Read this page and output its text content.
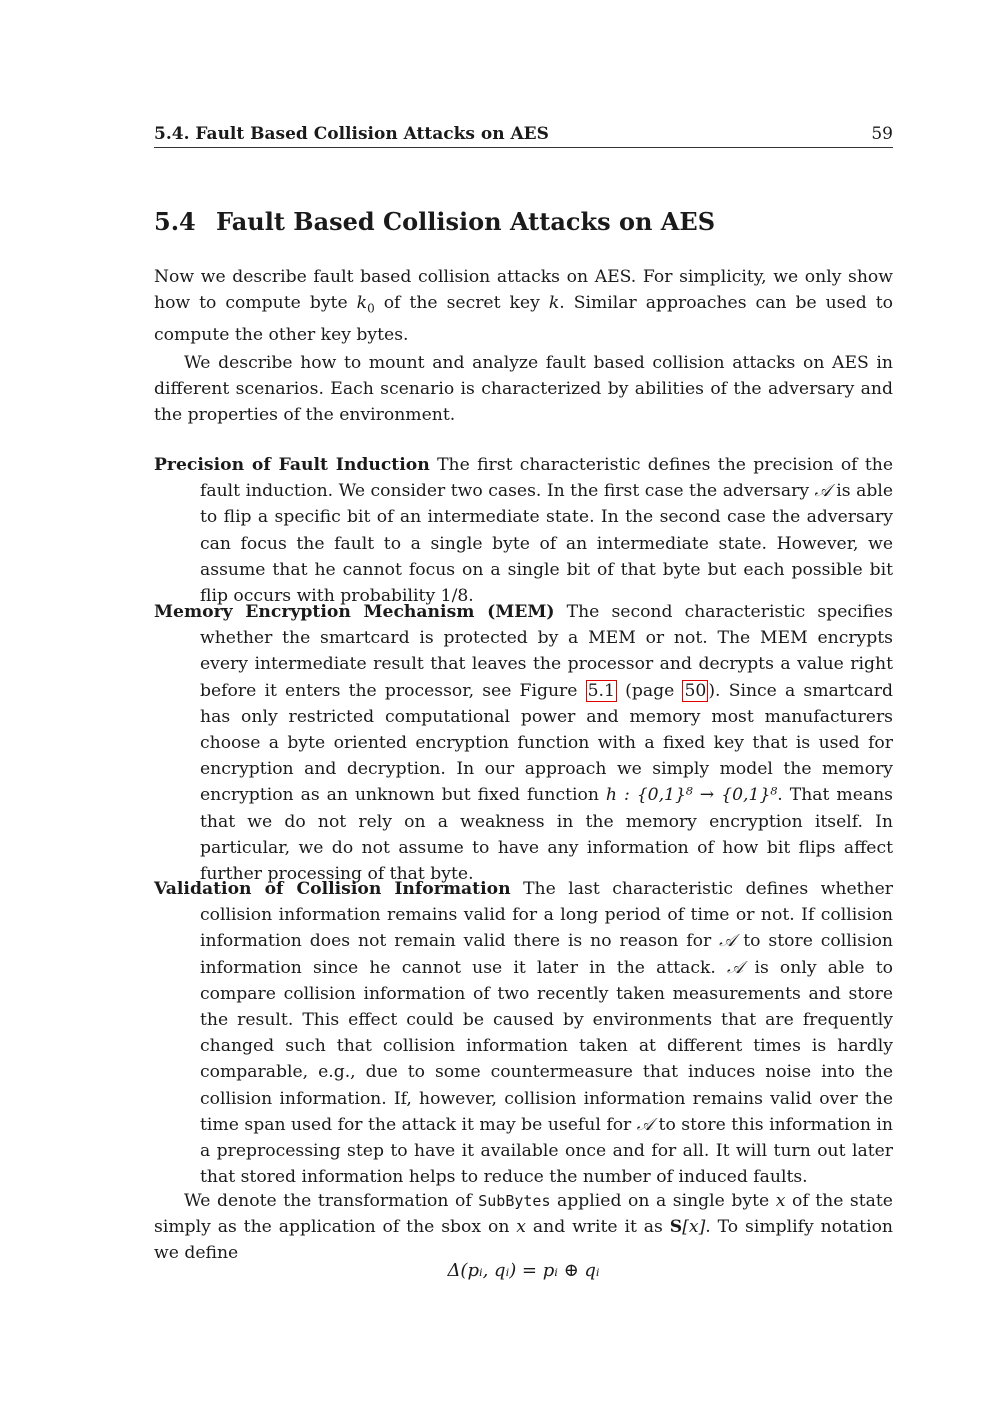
5.4. Fault Based Collision Attacks on AES	59
5.4 Fault Based Collision Attacks on AES

Now we describe fault based collision attacks on AES. For simplicity, we only show how to compute byte $k_0$ of the secret key k. Similar approaches can be used to compute the other key bytes.

We describe how to mount and analyze fault based collision attacks on AES in different scenarios. Each scenario is characterized by abilities of the adversary and the properties of the environment.

Precision of Fault Induction The first characteristic defines the precision of the fault induction. We consider two cases. In the first case the adversary 𝒜 is able to flip a specific bit of an intermediate state. In the second case the adversary can focus the fault to a single byte of an intermediate state. However, we assume that he cannot focus on a single bit of that byte but each possible bit flip occurs with probability 1/8.

Memory Encryption Mechanism (MEM) The second characteristic specifies whether the smartcard is protected by a MEM or not. The MEM encrypts every intermediate result that leaves the processor and decrypts a value right before it enters the processor, see Figure 5.1 (page 50 ). Since a smartcard has only restricted computational power and memory most manufacturers choose a byte oriented encryption function with a fixed key that is used for encryption and decryption. In our approach we simply model the memory encryption as an unknown but fixed function h : {0,1}⁸ → {0,1}⁸. That means that we do not rely on a weakness in the memory encryption itself. In particular, we do not assume to have any information of how bit flips affect further processing of that byte.

Validation of Collision Information The last characteristic defines whether collision information remains valid for a long period of time or not. If collision information does not remain valid there is no reason for 𝒜 to store collision information since he cannot use it later in the attack. 𝒜 is only able to compare collision information of two recently taken measurements and store the result. This effect could be caused by environments that are frequently changed such that collision information taken at different times is hardly comparable, e.g., due to some countermeasure that induces noise into the collision information. If, however, collision information remains valid over the time span used for the attack it may be useful for 𝒜 to store this information in a preprocessing step to have it available once and for all. It will turn out later that stored information helps to reduce the number of induced faults.

We denote the transformation of SubBytes applied on a single byte x of the state simply as the application of the sbox on x and write it as S[x]. To simplify notation we define

Δ(pᵢ, qᵢ) = pᵢ ⊕ qᵢ
